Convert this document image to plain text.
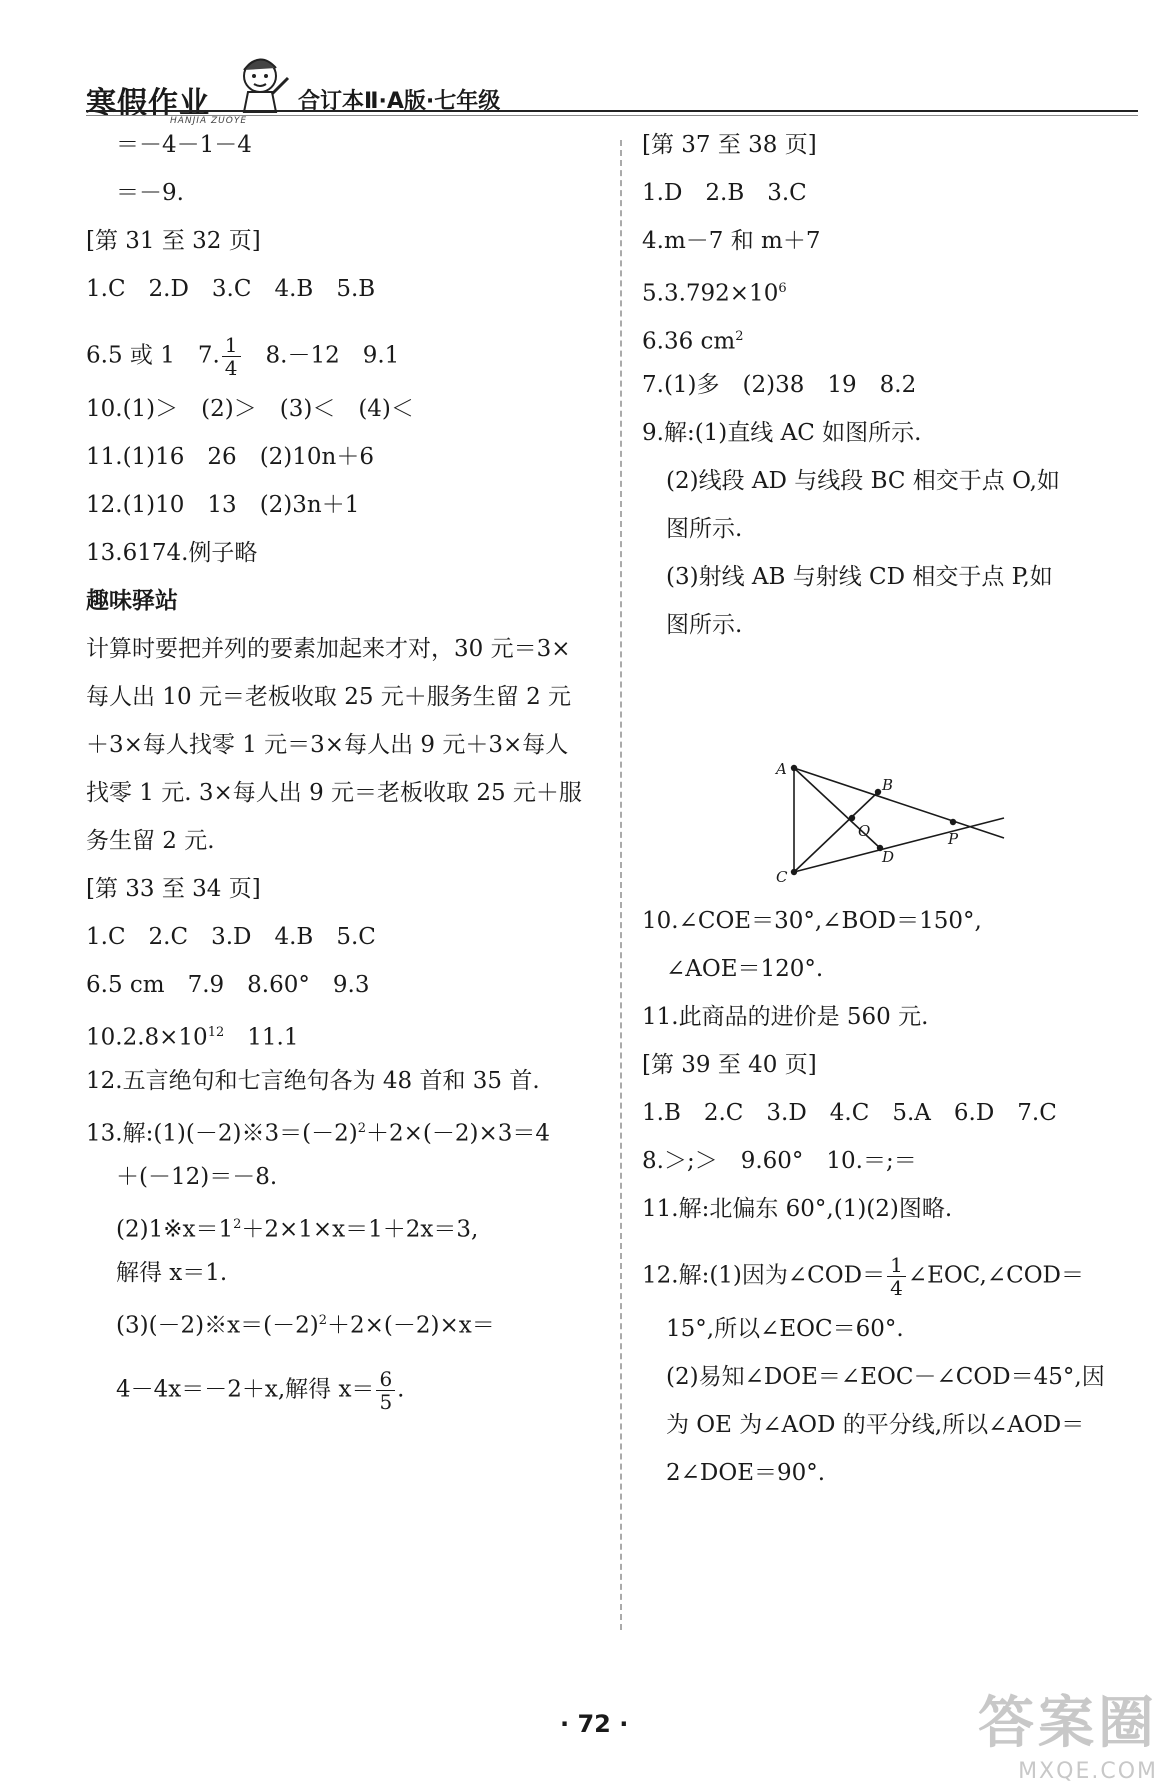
寒假作业
HANJIA ZUOYE
合订本Ⅱ·A版·七年级
＝－4－1－4
＝－9.
[第 31 至 32 页]
1.C　2.D　3.C　4.B　5.B
6.5 或 1　7. $\frac{1}{4}$ 　8.－12　9.1
10.(1)＞　(2)＞　(3)＜　(4)＜
11.(1)16　26　(2)10n＋6
12.(1)10　13　(2)3n＋1
13.6174.例子略
趣味驿站
计算时要把并列的要素加起来才对，30 元＝3×
每人出 10 元＝老板收取 25 元＋服务生留 2 元
＋3×每人找零 1 元＝3×每人出 9 元＋3×每人
找零 1 元. 3×每人出 9 元＝老板收取 25 元＋服
务生留 2 元.
[第 33 至 34 页]
1.C　2.C　3.D　4.B　5.C
6.5 cm　7.9　8.60°　9.3
$10.2.8\times 10^{12}$　11.1
12.五言绝句和七言绝句各为 48 首和 35 首.
13.解$:(1)(-2)※3=(-2)^2+2\times(-2)\times 3=4$
＋(－12)＝－8.
$(2)1※x=1^2+2\times 1\times x=1+2x=3$,
解得 x＝1.
$(3)(-2)※x=(-2)^2+2\times(-2)\times x=$
4－4x＝－2＋x,解得 $x= \frac{6}{5}$ .
[第 37 至 38 页]
1.D　2.B　3.C
4.m－7 和 m＋7
$5.3.792\times 10^6$
6.36 $cm^2$
7.(1)多　(2)38　19　8.2
9.解:(1)直线 AC 如图所示.
(2)线段 AD 与线段 BC 相交于点 O,如
图所示.
(3)射线 AB 与射线 CD 相交于点 P,如
图所示.
10.∠COE＝30°,∠BOD＝150°,
∠AOE＝120°.
11.此商品的进价是 560 元.
[第 39 至 40 页]
1.B　2.C　3.D　4.C　5.A　6.D　7.C
8.＞;＞　9.60°　10.＝;＝
11.解:北偏东 60°,(1)(2)图略.
12.解:(1)因为∠COD＝ $\frac{1}{4}$ ∠EOC,∠COD＝
15°,所以∠EOC＝60°.
(2)易知∠DOE＝∠EOC－∠COD＝45°,因
为 OE 为∠AOD 的平分线,所以∠AOD＝
2∠DOE＝90°.
A
C
B
D
O	P
· 72 ·	答案圈
MXQE.COM
